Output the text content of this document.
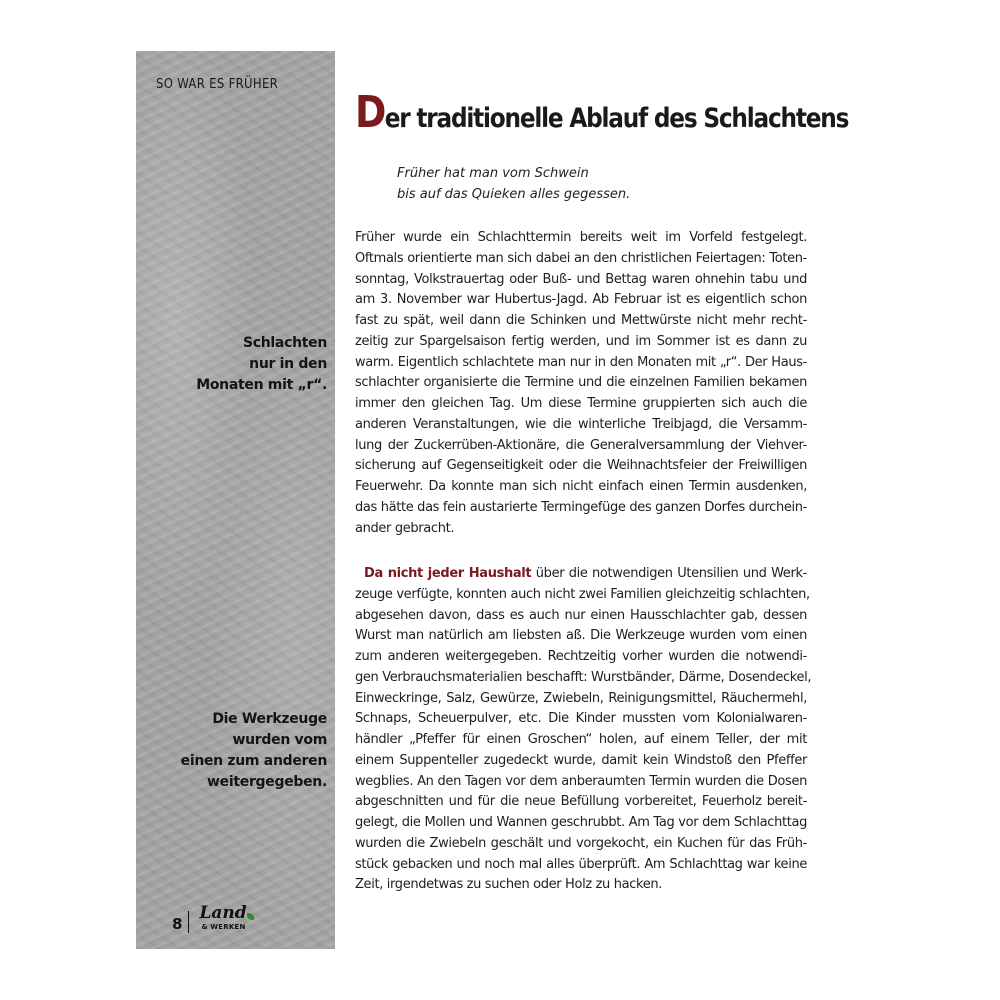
SO WAR ES FRÜHER
Schlachten
nur in den
Monaten mit „r“.
Die Werkzeuge
wurden vom
einen zum anderen
weitergegeben.
8
Land
& WERKEN
Der traditionelle Ablauf des Schlachtens
Früher hat man vom Schwein
bis auf das Quieken alles gegessen.
Früher wurde ein Schlachttermin bereits weit im Vorfeld festgelegt.
Oftmals orientierte man sich dabei an den christlichen Feiertagen: Toten-
sonntag, Volkstrauertag oder Buß- und Bettag waren ohnehin tabu und
am 3. November war Hubertus-Jagd. Ab Februar ist es eigentlich schon
fast zu spät, weil dann die Schinken und Mettwürste nicht mehr recht-
zeitig zur Spargelsaison fertig werden, und im Sommer ist es dann zu
warm. Eigentlich schlachtete man nur in den Monaten mit „r“. Der Haus-
schlachter organisierte die Termine und die einzelnen Familien bekamen
immer den gleichen Tag. Um diese Termine gruppierten sich auch die
anderen Veranstaltungen, wie die winterliche Treibjagd, die Versamm-
lung der Zuckerrüben-Aktionäre, die Generalversammlung der Viehver-
sicherung auf Gegenseitigkeit oder die Weihnachtsfeier der Freiwilligen
Feuerwehr. Da konnte man sich nicht einfach einen Termin ausdenken,
das hätte das fein austarierte Termingefüge des ganzen Dorfes durchein-
ander gebracht.
Da nicht jeder Haushalt über die notwendigen Utensilien und Werk-
zeuge verfügte, konnten auch nicht zwei Familien gleichzeitig schlachten,
abgesehen davon, dass es auch nur einen Hausschlachter gab, dessen
Wurst man natürlich am liebsten aß. Die Werkzeuge wurden vom einen
zum anderen weitergegeben. Rechtzeitig vorher wurden die notwendi-
gen Verbrauchsmaterialien beschafft: Wurstbänder, Därme, Dosendeckel,
Einweckringe, Salz, Gewürze, Zwiebeln, Reinigungsmittel, Räuchermehl,
Schnaps, Scheuerpulver, etc. Die Kinder mussten vom Kolonialwaren-
händler „Pfeffer für einen Groschen“ holen, auf einem Teller, der mit
einem Suppenteller zugedeckt wurde, damit kein Windstoß den Pfeffer
wegblies. An den Tagen vor dem anberaumten Termin wurden die Dosen
abgeschnitten und für die neue Befüllung vorbereitet, Feuerholz bereit-
gelegt, die Mollen und Wannen geschrubbt. Am Tag vor dem Schlachttag
wurden die Zwiebeln geschält und vorgekocht, ein Kuchen für das Früh-
stück gebacken und noch mal alles überprüft. Am Schlachttag war keine
Zeit, irgendetwas zu suchen oder Holz zu hacken.
